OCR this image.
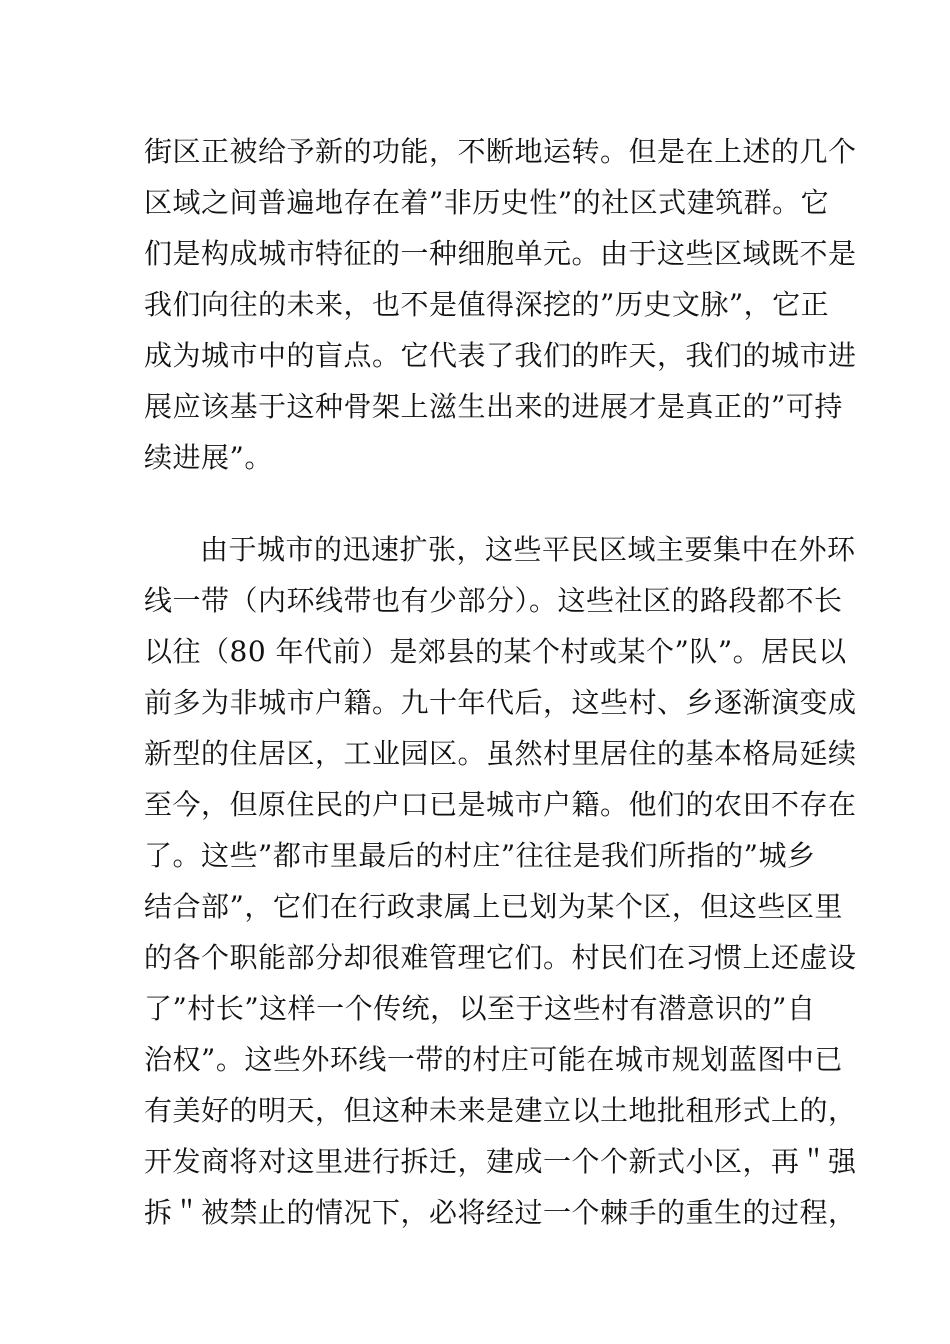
街区正被给予新的功能，不断地运转。但是在上述的几个
区域之间普遍地存在着”非历史性”的社区式建筑群。它
们是构成城市特征的一种细胞单元。由于这些区域既不是
我们向往的未来，也不是值得深挖的”历史文脉”，它正
成为城市中的盲点。它代表了我们的昨天，我们的城市进
展应该基于这种骨架上滋生出来的进展才是真正的”可持
续进展”。
由于城市的迅速扩张，这些平民区域主要集中在外环
线一带（内环线带也有少部分）。这些社区的路段都不长
以往（80 年代前）是郊县的某个村或某个”队”。居民以
前多为非城市户籍。九十年代后，这些村、乡逐渐演变成
新型的住居区，工业园区。虽然村里居住的基本格局延续
至今，但原住民的户口已是城市户籍。他们的农田不存在
了。这些”都市里最后的村庄”往往是我们所指的”城乡
结合部”，它们在行政隶属上已划为某个区，但这些区里
的各个职能部分却很难管理它们。村民们在习惯上还虚设
了”村长”这样一个传统，以至于这些村有潜意识的”自
治权”。这些外环线一带的村庄可能在城市规划蓝图中已
有美好的明天，但这种未来是建立以土地批租形式上的，
开发商将对这里进行拆迁，建成一个个新式小区，再＂强
拆＂被禁止的情况下，必将经过一个棘手的重生的过程，
